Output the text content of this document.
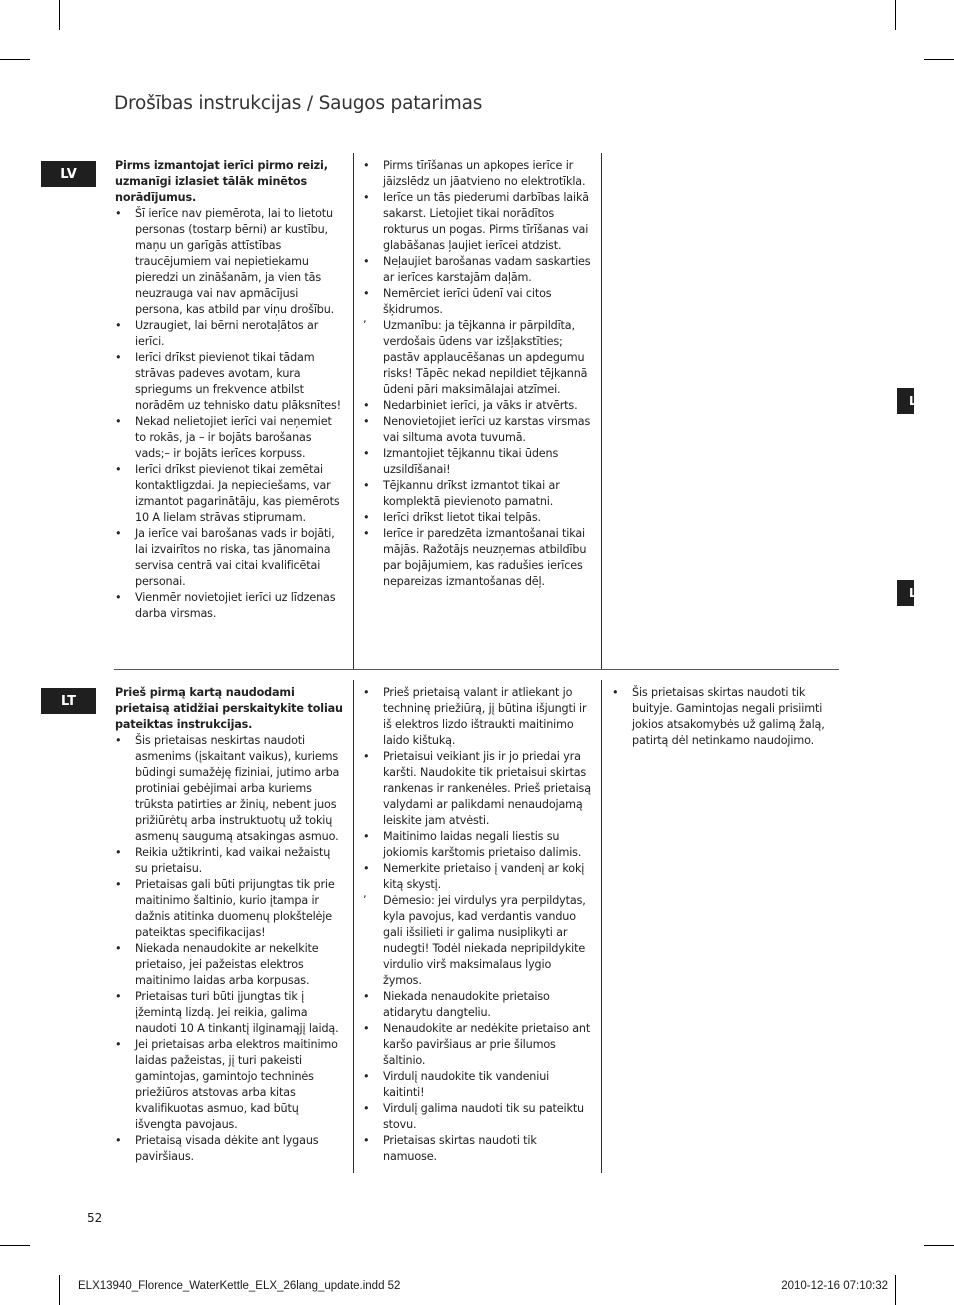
Drošības instrukcijas / Saugos patarimas
LV
LT
L
L

Pirms izmantojat ierīci pirmo reizi, uzmanīgi izlasiet tālāk minētos norādījumus.

•	Šī ierīce nav piemērota, lai to lietotu personas (tostarp bērni) ar kustību, maņu un garīgās attīstības traucējumiem vai nepietiekamu pieredzi un zināšanām, ja vien tās neuzrauga vai nav apmācījusi persona, kas atbild par viņu drošību.
•	Uzraugiet, lai bērni nerotaļātos ar ierīci.
•	Ierīci drīkst pievienot tikai tādam strāvas padeves avotam, kura spriegums un frekvence atbilst norādēm uz tehnisko datu plāksnītes!
•	Nekad nelietojiet ierīci vai neņemiet to rokās, ja – ir bojāts barošanas vads;– ir bojāts ierīces korpuss.
•	Ierīci drīkst pievienot tikai zemētai kontaktligzdai. Ja nepieciešams, var izmantot pagarinātāju, kas piemērots 10 A lielam strāvas stiprumam.
•	Ja ierīce vai barošanas vads ir bojāti, lai izvairītos no riska, tas jānomaina servisa centrā vai citai kvalificētai personai.
•	Vienmēr novietojiet ierīci uz līdzenas darba virsmas.
•	Pirms tīrīšanas un apkopes ierīce ir jāizslēdz un jāatvieno no elektrotīkla.
•	Ierīce un tās piederumi darbības laikā sakarst. Lietojiet tikai norādītos rokturus un pogas. Pirms tīrīšanas vai glabāšanas ļaujiet ierīcei atdzist.
•	Neļaujiet barošanas vadam saskarties ar ierīces karstajām daļām.
•	Nemērciet ierīci ūdenī vai citos šķidrumos.
ʼ	Uzmanību: ja tējkanna ir pārpildīta, verdošais ūdens var izšļakstīties; pastāv applaucēšanas un apdegumu risks! Tāpēc nekad nepildiet tējkannā ūdeni pāri maksimālajai atzīmei.
•	Nedarbiniet ierīci, ja vāks ir atvērts.
•	Nenovietojiet ierīci uz karstas virsmas vai siltuma avota tuvumā.
•	Izmantojiet tējkannu tikai ūdens uzsildīšanai!
•	Tējkannu drīkst izmantot tikai ar komplektā pievienoto pamatni.
•	Ierīci drīkst lietot tikai telpās.
•	Ierīce ir paredzēta izmantošanai tikai mājās. Ražotājs neuzņemas atbildību par bojājumiem, kas radušies ierīces nepareizas izmantošanas dēļ.

Prieš pirmą kartą naudodami prietaisą atidžiai perskaitykite toliau pateiktas instrukcijas.

•	Šis prietaisas neskirtas naudoti asmenims (įskaitant vaikus), kuriems būdingi sumažėję fiziniai, jutimo arba protiniai gebėjimai arba kuriems trūksta patirties ar žinių, nebent juos prižiūrėtų arba instruktuotų už tokių asmenų saugumą atsakingas asmuo.
•	Reikia užtikrinti, kad vaikai nežaistų su prietaisu.
•	Prietaisas gali būti prijungtas tik prie maitinimo šaltinio, kurio įtampa ir dažnis atitinka duomenų plokštelėje pateiktas specifikacijas!
•	Niekada nenaudokite ar nekelkite prietaiso, jei pažeistas elektros maitinimo laidas arba korpusas.
•	Prietaisas turi būti įjungtas tik į įžemintą lizdą. Jei reikia, galima naudoti 10 A tinkantį ilginamąjį laidą.
•	Jei prietaisas arba elektros maitinimo laidas pažeistas, jį turi pakeisti gamintojas, gamintojo techninės priežiūros atstovas arba kitas kvalifikuotas asmuo, kad būtų išvengta pavojaus.
•	Prietaisą visada dėkite ant lygaus paviršiaus.
•	Prieš prietaisą valant ir atliekant jo techninę priežiūrą, jį būtina išjungti ir iš elektros lizdo ištraukti maitinimo laido kištuką.
•	Prietaisui veikiant jis ir jo priedai yra karšti. Naudokite tik prietaisui skirtas rankenas ir rankenėles. Prieš prietaisą valydami ar palikdami nenaudojamą leiskite jam atvėsti.
•	Maitinimo laidas negali liestis su jokiomis karštomis prietaiso dalimis.
•	Nemerkite prietaiso į vandenį ar kokį kitą skystį.
ʼ	Dėmesio: jei virdulys yra perpildytas, kyla pavojus, kad verdantis vanduo gali išsilieti ir galima nusiplikyti ar nudegti! Todėl niekada nepripildykite virdulio virš maksimalaus lygio žymos.
•	Niekada nenaudokite prietaiso atidarytu dangteliu.
•	Nenaudokite ar nedėkite prietaiso ant karšo paviršiaus ar prie šilumos šaltinio.
•	Virdulį naudokite tik vandeniui kaitinti!
•	Virdulį galima naudoti tik su pateiktu stovu.
•	Prietaisas skirtas naudoti tik namuose.
•	Šis prietaisas skirtas naudoti tik buityje. Gamintojas negali prisiimti jokios atsakomybės už galimą žalą, patirtą dėl netinkamo naudojimo.
52
ELX13940_Florence_WaterKettle_ELX_26lang_update.indd 52	2010-12-16 07:10:32
